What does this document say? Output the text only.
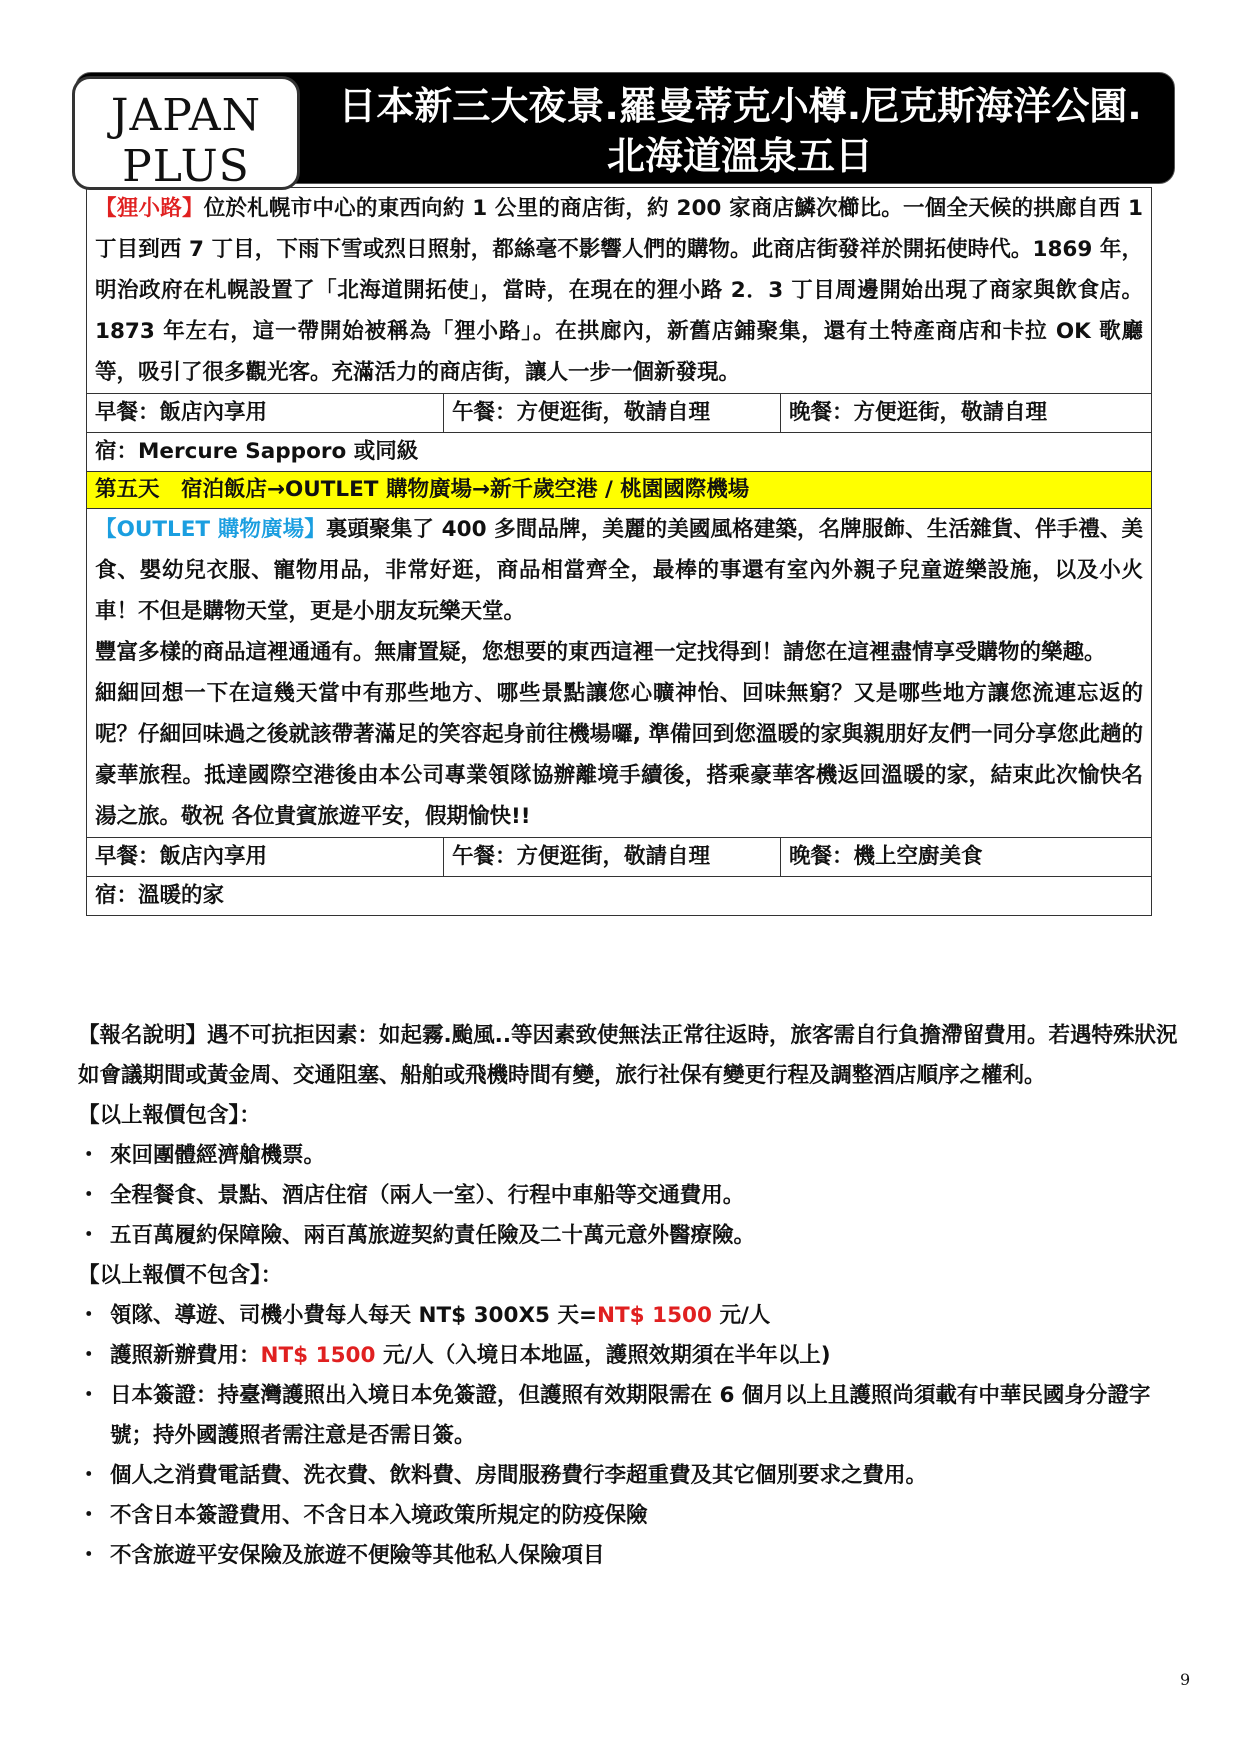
JAPAN
PLUS
日本新三大夜景.羅曼蒂克小樽.尼克斯海洋公園.
北海道溫泉五日
【狸小路】位於札幌市中心的東西向約 1 公里的商店街，約 200 家商店鱗次櫛比。一個全天候的拱廊自西 1 丁目到西 7 丁目，下雨下雪或烈日照射，都絲毫不影響人們的購物。此商店街發祥於開拓使時代。1869 年，明治政府在札幌設置了「北海道開拓使」，當時，在現在的狸小路 2．3 丁目周邊開始出現了商家與飲食店。1873 年左右，這一帶開始被稱為「狸小路」。在拱廊內，新舊店鋪聚集，還有土特產商店和卡拉 OK 歌廳等，吸引了很多觀光客。充滿活力的商店街，讓人一步一個新發現。		
早餐：飯店內享用	午餐：方便逛街，敬請自理	晚餐：方便逛街，敬請自理
宿：Mercure Sapporo 或同級		
第五天　宿泊飯店→OUTLET 購物廣場→新千歲空港 / 桃園國際機場		

【OUTLET 購物廣場】裏頭聚集了 400 多間品牌，美麗的美國風格建築，名牌服飾、生活雜貨、伴手禮、美食、嬰幼兒衣服、寵物用品，非常好逛，商品相當齊全，最棒的事還有室內外親子兒童遊樂設施，以及小火車！不但是購物天堂，更是小朋友玩樂天堂。
豐富多樣的商品這裡通通有。無庸置疑，您想要的東西這裡一定找得到！請您在這裡盡情享受購物的樂趣。
細細回想一下在這幾天當中有那些地方、哪些景點讓您心曠神怡、回味無窮？又是哪些地方讓您流連忘返的呢？仔細回味過之後就該帶著滿足的笑容起身前往機場囉, 準備回到您溫暖的家與親朋好友們一同分享您此趟的豪華旅程。抵達國際空港後由本公司專業領隊協辦離境手續後，搭乘豪華客機返回溫暖的家，結束此次愉快名湯之旅。敬祝 各位貴賓旅遊平安，假期愉快!!		

早餐：飯店內享用	午餐：方便逛街，敬請自理	晚餐：機上空廚美食
宿：溫暖的家		

【報名說明】遇不可抗拒因素：如起霧.颱風..等因素致使無法正常往返時，旅客需自行負擔滯留費用。若遇特殊狀況如會議期間或黃金周、交通阻塞、船舶或飛機時間有變，旅行社保有變更行程及調整酒店順序之權利。

【以上報價包含】：

・ 來回團體經濟艙機票。
・ 全程餐食、景點、酒店住宿（兩人一室）、行程中車船等交通費用。
・ 五百萬履約保障險、兩百萬旅遊契約責任險及二十萬元意外醫療險。

【以上報價不包含】：

・ 領隊、導遊、司機小費每人每天 NT$ 300X5 天=NT$ 1500 元/人
・ 護照新辦費用：NT$ 1500 元/人（入境日本地區，護照效期須在半年以上)
・ 日本簽證：持臺灣護照出入境日本免簽證，但護照有效期限需在 6 個月以上且護照尚須載有中華民國身分證字號；持外國護照者需注意是否需日簽。
・ 個人之消費電話費、洗衣費、飲料費、房間服務費行李超重費及其它個別要求之費用。
・ 不含日本簽證費用、不含日本入境政策所規定的防疫保險
・ 不含旅遊平安保險及旅遊不便險等其他私人保險項目
9
